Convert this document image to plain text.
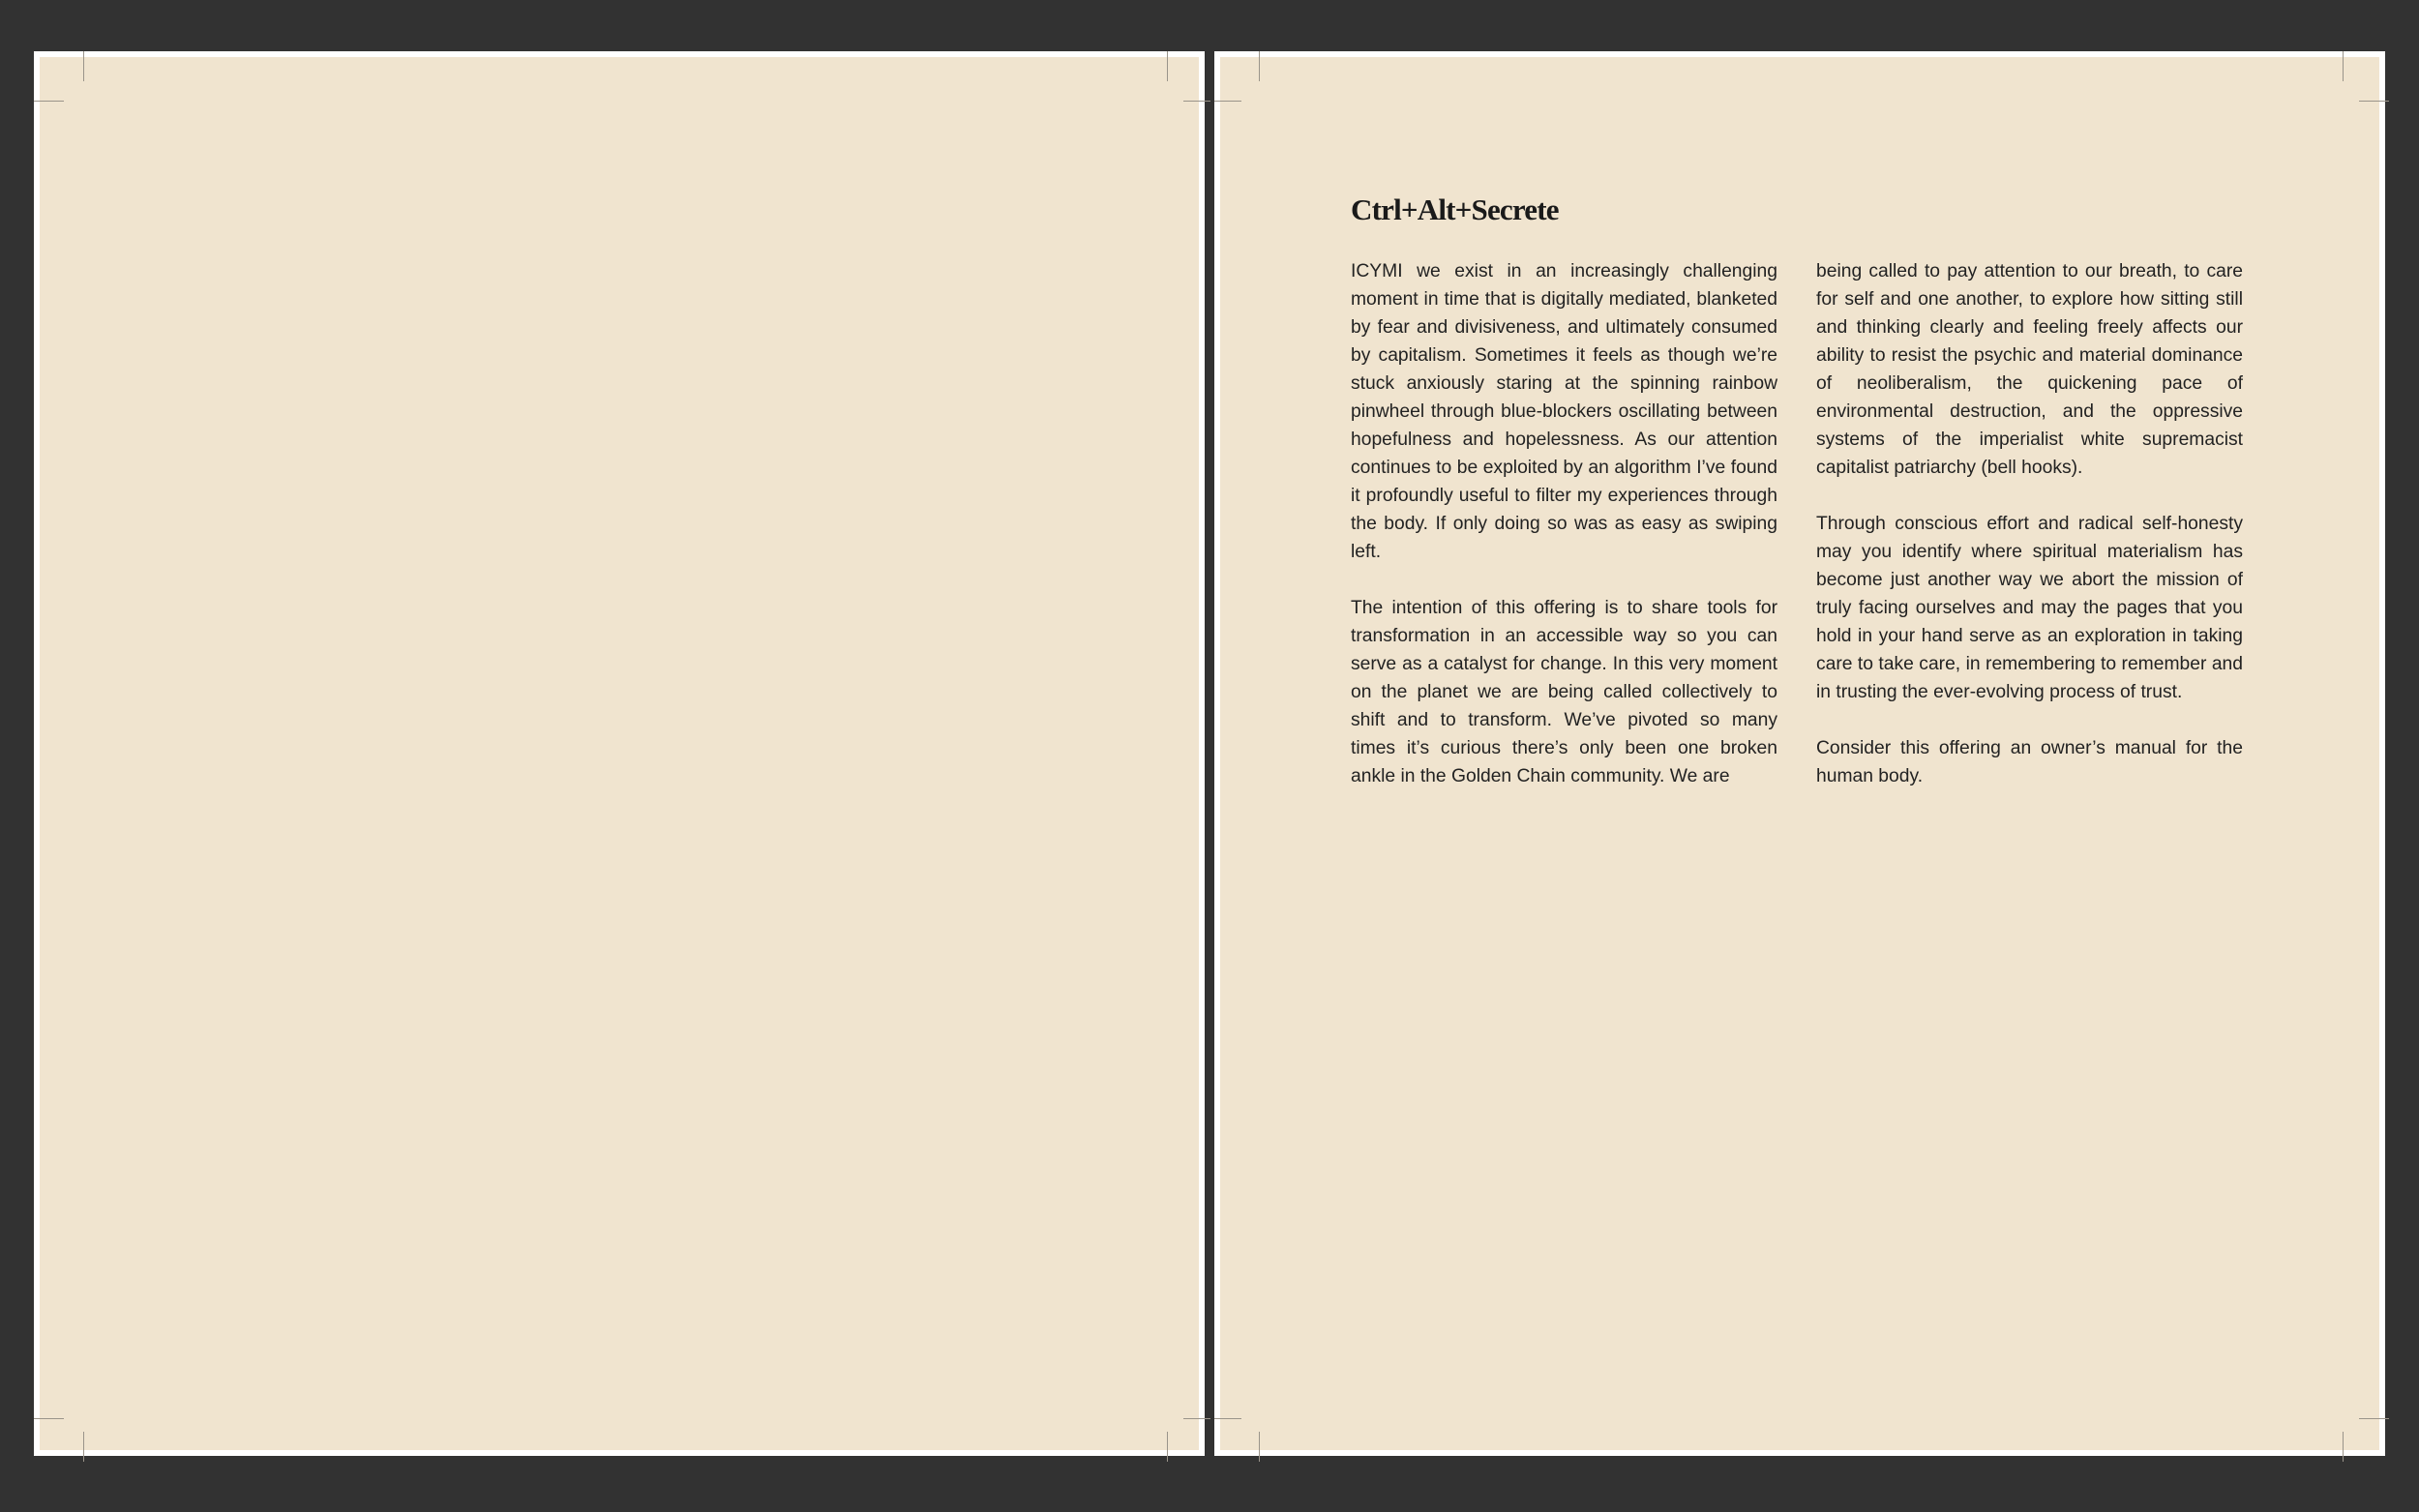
Ctrl+Alt+Secrete

ICYMI we exist in an increasingly challenging moment in time that is digitally mediated, blanketed by fear and divisiveness, and ultimately consumed by capitalism. Sometimes it feels as though we’re stuck anxiously staring at the spinning rainbow pinwheel through blue-blockers oscillating between hopefulness and hopelessness. As our attention continues to be exploited by an algorithm I’ve found it profoundly useful to filter my experiences through the body. If only doing so was as easy as swiping left.

The intention of this offering is to share tools for transformation in an accessible way so you can serve as a catalyst for change. In this very moment on the planet we are being called collectively to shift and to transform. We’ve pivoted so many times it’s curious there’s only been one broken ankle in the Golden Chain community. We are

being called to pay attention to our breath, to care for self and one another, to explore how sitting still and thinking clearly and feeling freely affects our ability to resist the psychic and material dominance of neoliberalism, the quickening pace of environmental destruction, and the oppressive systems of the imperialist white supremacist capitalist patriarchy (bell hooks).

Through conscious effort and radical self-honesty may you identify where spiritual materialism has become just another way we abort the mission of truly facing ourselves and may the pages that you hold in your hand serve as an exploration in taking care to take care, in remembering to remember and in trusting the ever-evolving process of trust.

Consider this offering an owner’s manual for the human body.
